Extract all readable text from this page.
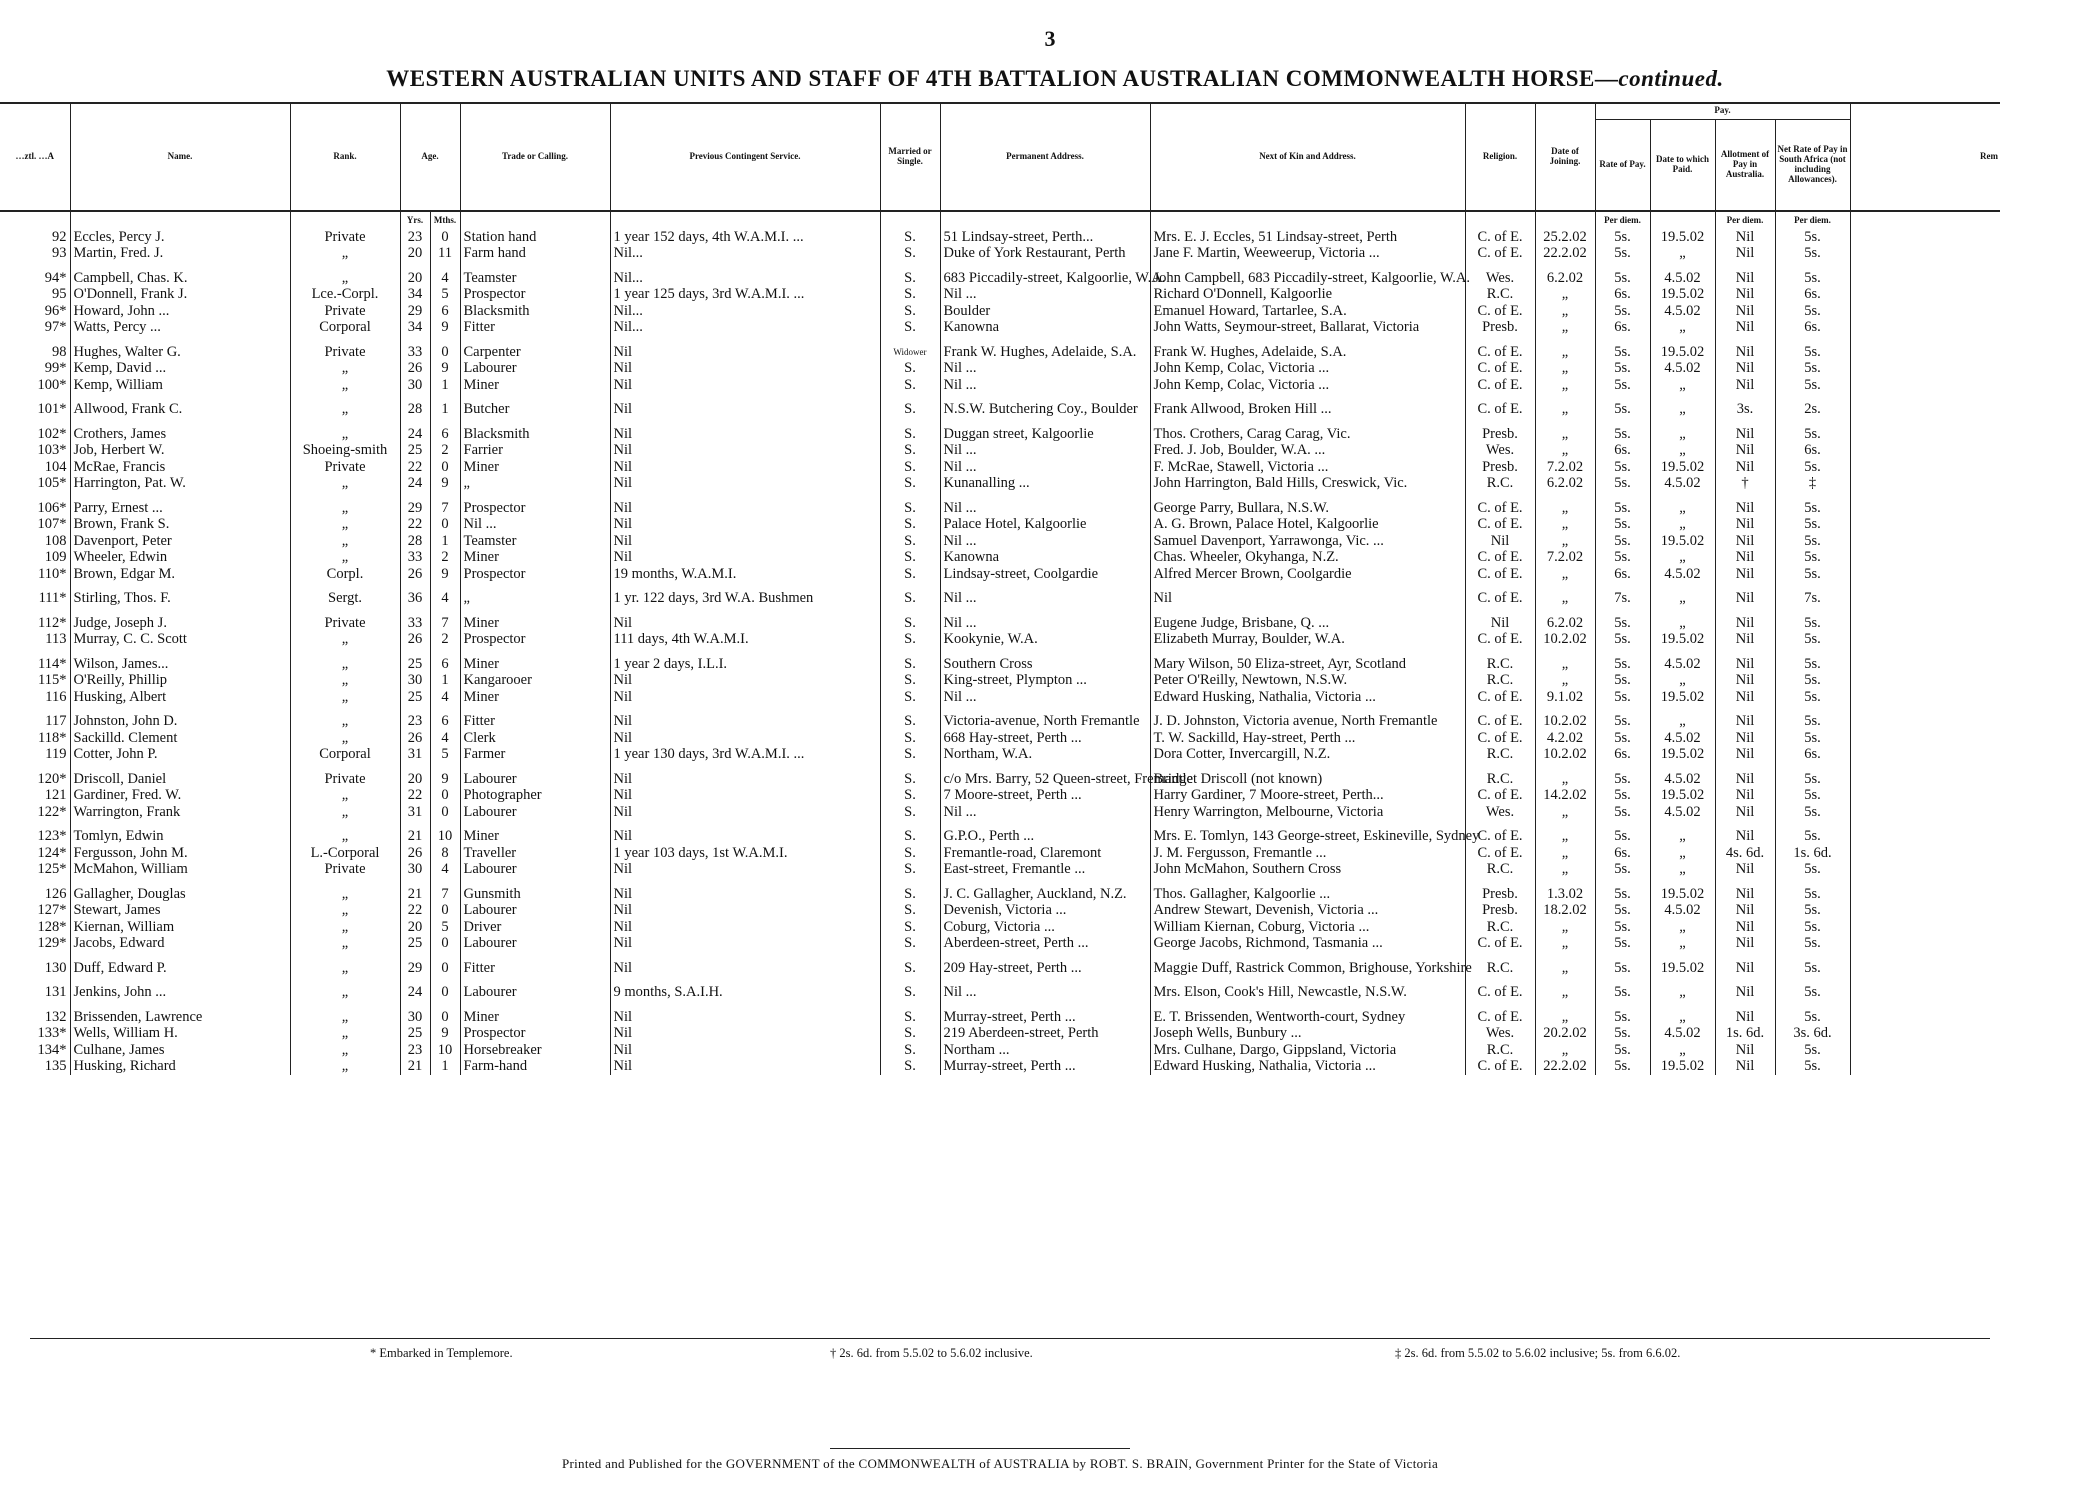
3
WESTERN AUSTRALIAN UNITS AND STAFF OF 4TH BATTALION AUSTRALIAN COMMONWEALTH HORSE—continued.
…ztl. …A	Name.	Rank.	Age.		Trade or Calling.	Previous Contingent Service.	Married or Single.	Permanent Address.	Next of Kin and Address.	Religion.	Date of Joining.	Pay.				Rem
												Rate of Pay.	Date to which Paid.	Allotment of Pay in Australia.	Net Rate of Pay in South Africa (not including Allowances).	
			Yrs.	Mths.								Per diem.		Per diem.	Per diem.	
92	Eccles, Percy J.	Private	23	0	Station hand	1 year 152 days, 4th W.A.M.I. ...	S.	51 Lindsay-street, Perth...	Mrs. E. J. Eccles, 51 Lindsay-street, Perth	C. of E.	25.2.02	5s.	19.5.02	Nil	5s.	
93	Martin, Fred. J.	„	20	11	Farm hand	Nil...	S.	Duke of York Restaurant, Perth	Jane F. Martin, Weeweerup, Victoria ...	C. of E.	22.2.02	5s.	„	Nil	5s.	

94*	Campbell, Chas. K.	„	20	4	Teamster	Nil...	S.	683 Piccadily-street, Kalgoorlie, W.A.	John Campbell, 683 Piccadily-street, Kalgoorlie, W.A.	Wes.	6.2.02	5s.	4.5.02	Nil	5s.	
95	O'Donnell, Frank J.	Lce.-Corpl.	34	5	Prospector	1 year 125 days, 3rd W.A.M.I. ...	S.	Nil ...	Richard O'Donnell, Kalgoorlie	R.C.	„	6s.	19.5.02	Nil	6s.	
96*	Howard, John ...	Private	29	6	Blacksmith	Nil...	S.	Boulder	Emanuel Howard, Tartarlee, S.A.	C. of E.	„	5s.	4.5.02	Nil	5s.	
97*	Watts, Percy ...	Corporal	34	9	Fitter	Nil...	S.	Kanowna	John Watts, Seymour-street, Ballarat, Victoria	Presb.	„	6s.	„	Nil	6s.	

98	Hughes, Walter G.	Private	33	0	Carpenter	Nil	Widower	Frank W. Hughes, Adelaide, S.A.	Frank W. Hughes, Adelaide, S.A.	C. of E.	„	5s.	19.5.02	Nil	5s.	
99*	Kemp, David ...	„	26	9	Labourer	Nil	S.	Nil ...	John Kemp, Colac, Victoria ...	C. of E.	„	5s.	4.5.02	Nil	5s.	
100*	Kemp, William	„	30	1	Miner	Nil	S.	Nil ...	John Kemp, Colac, Victoria ...	C. of E.	„	5s.	„	Nil	5s.	

101*	Allwood, Frank C.	„	28	1	Butcher	Nil	S.	N.S.W. Butchering Coy., Boulder	Frank Allwood, Broken Hill ...	C. of E.	„	5s.	„	3s.	2s.	

102*	Crothers, James	„	24	6	Blacksmith	Nil	S.	Duggan street, Kalgoorlie	Thos. Crothers, Carag Carag, Vic.	Presb.	„	5s.	„	Nil	5s.	
103*	Job, Herbert W.	Shoeing-smith	25	2	Farrier	Nil	S.	Nil ...	Fred. J. Job, Boulder, W.A. ...	Wes.	„	6s.	„	Nil	6s.	
104	McRae, Francis	Private	22	0	Miner	Nil	S.	Nil ...	F. McRae, Stawell, Victoria ...	Presb.	7.2.02	5s.	19.5.02	Nil	5s.	
105*	Harrington, Pat. W.	„	24	9	„	Nil	S.	Kunanalling ...	John Harrington, Bald Hills, Creswick, Vic.	R.C.	6.2.02	5s.	4.5.02	†	‡	

106*	Parry, Ernest ...	„	29	7	Prospector	Nil	S.	Nil ...	George Parry, Bullara, N.S.W.	C. of E.	„	5s.	„	Nil	5s.	
107*	Brown, Frank S.	„	22	0	Nil ...	Nil	S.	Palace Hotel, Kalgoorlie	A. G. Brown, Palace Hotel, Kalgoorlie	C. of E.	„	5s.	„	Nil	5s.	
108	Davenport, Peter	„	28	1	Teamster	Nil	S.	Nil ...	Samuel Davenport, Yarrawonga, Vic. ...	Nil	„	5s.	19.5.02	Nil	5s.	
109	Wheeler, Edwin	„	33	2	Miner	Nil	S.	Kanowna	Chas. Wheeler, Okyhanga, N.Z.	C. of E.	7.2.02	5s.	„	Nil	5s.	
110*	Brown, Edgar M.	Corpl.	26	9	Prospector	19 months, W.A.M.I.	S.	Lindsay-street, Coolgardie	Alfred Mercer Brown, Coolgardie	C. of E.	„	6s.	4.5.02	Nil	5s.	

111*	Stirling, Thos. F.	Sergt.	36	4	„	1 yr. 122 days, 3rd W.A. Bushmen	S.	Nil ...	Nil	C. of E.	„	7s.	„	Nil	7s.	

112*	Judge, Joseph J.	Private	33	7	Miner	Nil	S.	Nil ...	Eugene Judge, Brisbane, Q. ...	Nil	6.2.02	5s.	„	Nil	5s.	
113	Murray, C. C. Scott	„	26	2	Prospector	111 days, 4th W.A.M.I.	S.	Kookynie, W.A.	Elizabeth Murray, Boulder, W.A.	C. of E.	10.2.02	5s.	19.5.02	Nil	5s.	

114*	Wilson, James...	„	25	6	Miner	1 year 2 days, I.L.I.	S.	Southern Cross	Mary Wilson, 50 Eliza-street, Ayr, Scotland	R.C.	„	5s.	4.5.02	Nil	5s.	
115*	O'Reilly, Phillip	„	30	1	Kangarooer	Nil	S.	King-street, Plympton ...	Peter O'Reilly, Newtown, N.S.W.	R.C.	„	5s.	„	Nil	5s.	
116	Husking, Albert	„	25	4	Miner	Nil	S.	Nil ...	Edward Husking, Nathalia, Victoria ...	C. of E.	9.1.02	5s.	19.5.02	Nil	5s.	

117	Johnston, John D.	„	23	6	Fitter	Nil	S.	Victoria-avenue, North Fremantle	J. D. Johnston, Victoria avenue, North Fremantle	C. of E.	10.2.02	5s.	„	Nil	5s.	
118*	Sackilld. Clement	„	26	4	Clerk	Nil	S.	668 Hay-street, Perth ...	T. W. Sackilld, Hay-street, Perth ...	C. of E.	4.2.02	5s.	4.5.02	Nil	5s.	
119	Cotter, John P.	Corporal	31	5	Farmer	1 year 130 days, 3rd W.A.M.I. ...	S.	Northam, W.A.	Dora Cotter, Invercargill, N.Z.	R.C.	10.2.02	6s.	19.5.02	Nil	6s.	

120*	Driscoll, Daniel	Private	20	9	Labourer	Nil	S.	c/o Mrs. Barry, 52 Queen-street, Fremantle	Bridget Driscoll (not known)	R.C.	„	5s.	4.5.02	Nil	5s.	
121	Gardiner, Fred. W.	„	22	0	Photographer	Nil	S.	7 Moore-street, Perth ...	Harry Gardiner, 7 Moore-street, Perth...	C. of E.	14.2.02	5s.	19.5.02	Nil	5s.	
122*	Warrington, Frank	„	31	0	Labourer	Nil	S.	Nil ...	Henry Warrington, Melbourne, Victoria	Wes.	„	5s.	4.5.02	Nil	5s.	

123*	Tomlyn, Edwin	„	21	10	Miner	Nil	S.	G.P.O., Perth ...	Mrs. E. Tomlyn, 143 George-street, Eskineville, Sydney	C. of E.	„	5s.	„	Nil	5s.	
124*	Fergusson, John M.	L.-Corporal	26	8	Traveller	1 year 103 days, 1st W.A.M.I.	S.	Fremantle-road, Claremont	J. M. Fergusson, Fremantle ...	C. of E.	„	6s.	„	4s. 6d.	1s. 6d.	
125*	McMahon, William	Private	30	4	Labourer	Nil	S.	East-street, Fremantle ...	John McMahon, Southern Cross	R.C.	„	5s.	„	Nil	5s.	

126	Gallagher, Douglas	„	21	7	Gunsmith	Nil	S.	J. C. Gallagher, Auckland, N.Z.	Thos. Gallagher, Kalgoorlie ...	Presb.	1.3.02	5s.	19.5.02	Nil	5s.	
127*	Stewart, James	„	22	0	Labourer	Nil	S.	Devenish, Victoria ...	Andrew Stewart, Devenish, Victoria ...	Presb.	18.2.02	5s.	4.5.02	Nil	5s.	
128*	Kiernan, William	„	20	5	Driver	Nil	S.	Coburg, Victoria ...	William Kiernan, Coburg, Victoria ...	R.C.	„	5s.	„	Nil	5s.	
129*	Jacobs, Edward	„	25	0	Labourer	Nil	S.	Aberdeen-street, Perth ...	George Jacobs, Richmond, Tasmania ...	C. of E.	„	5s.	„	Nil	5s.	

130	Duff, Edward P.	„	29	0	Fitter	Nil	S.	209 Hay-street, Perth ...	Maggie Duff, Rastrick Common, Brighouse, Yorkshire	R.C.	„	5s.	19.5.02	Nil	5s.	

131	Jenkins, John ...	„	24	0	Labourer	9 months, S.A.I.H.	S.	Nil ...	Mrs. Elson, Cook's Hill, Newcastle, N.S.W.	C. of E.	„	5s.	„	Nil	5s.	

132	Brissenden, Lawrence	„	30	0	Miner	Nil	S.	Murray-street, Perth ...	E. T. Brissenden, Wentworth-court, Sydney	C. of E.	„	5s.	„	Nil	5s.	
133*	Wells, William H.	„	25	9	Prospector	Nil	S.	219 Aberdeen-street, Perth	Joseph Wells, Bunbury ...	Wes.	20.2.02	5s.	4.5.02	1s. 6d.	3s. 6d.	
134*	Culhane, James	„	23	10	Horsebreaker	Nil	S.	Northam ...	Mrs. Culhane, Dargo, Gippsland, Victoria	R.C.	„	5s.	„	Nil	5s.	
135	Husking, Richard	„	21	1	Farm-hand	Nil	S.	Murray-street, Perth ...	Edward Husking, Nathalia, Victoria ...	C. of E.	22.2.02	5s.	19.5.02	Nil	5s.	
* Embarked in Templemore.	† 2s. 6d. from 5.5.02 to 5.6.02 inclusive.	‡ 2s. 6d. from 5.5.02 to 5.6.02 inclusive; 5s. from 6.6.02.
Printed and Published for the GOVERNMENT of the COMMONWEALTH of AUSTRALIA by ROBT. S. BRAIN, Government Printer for the State of Victoria
